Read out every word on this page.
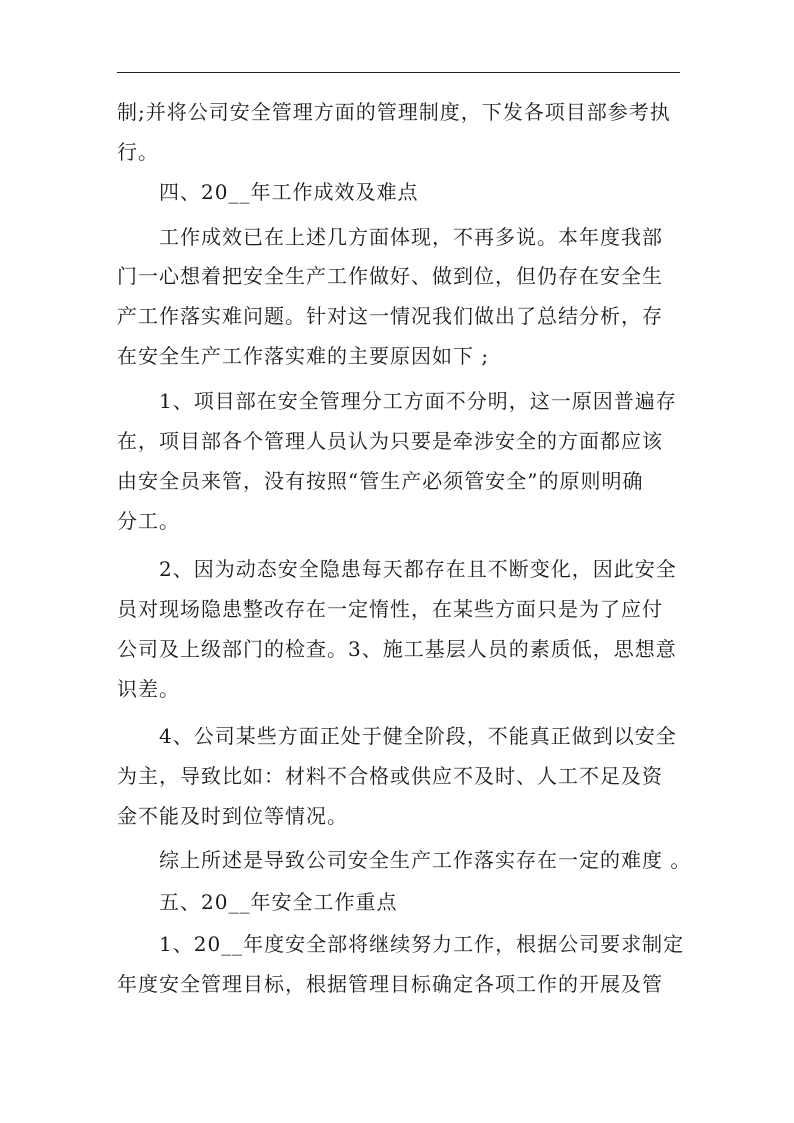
制;并将公司安全管理方面的管理制度，下发各项目部参考执
行。
四、20__年工作成效及难点
工作成效已在上述几方面体现，不再多说。本年度我部
门一心想着把安全生产工作做好、做到位，但仍存在安全生
产工作落实难问题。针对这一情况我们做出了总结分析，存
在安全生产工作落实难的主要原因如下 ;
1、项目部在安全管理分工方面不分明，这一原因普遍存
在，项目部各个管理人员认为只要是牵涉安全的方面都应该
由安全员来管，没有按照“管生产必须管安全”的原则明确
分工。
2、因为动态安全隐患每天都存在且不断变化，因此安全
员对现场隐患整改存在一定惰性，在某些方面只是为了应付
公司及上级部门的检查。3、施工基层人员的素质低，思想意
识差。
4、公司某些方面正处于健全阶段，不能真正做到以安全
为主，导致比如：材料不合格或供应不及时、人工不足及资
金不能及时到位等情况。
综上所述是导致公司安全生产工作落实存在一定的难度 。
五、20__年安全工作重点
1、20__年度安全部将继续努力工作，根据公司要求制定
年度安全管理目标，根据管理目标确定各项工作的开展及管
